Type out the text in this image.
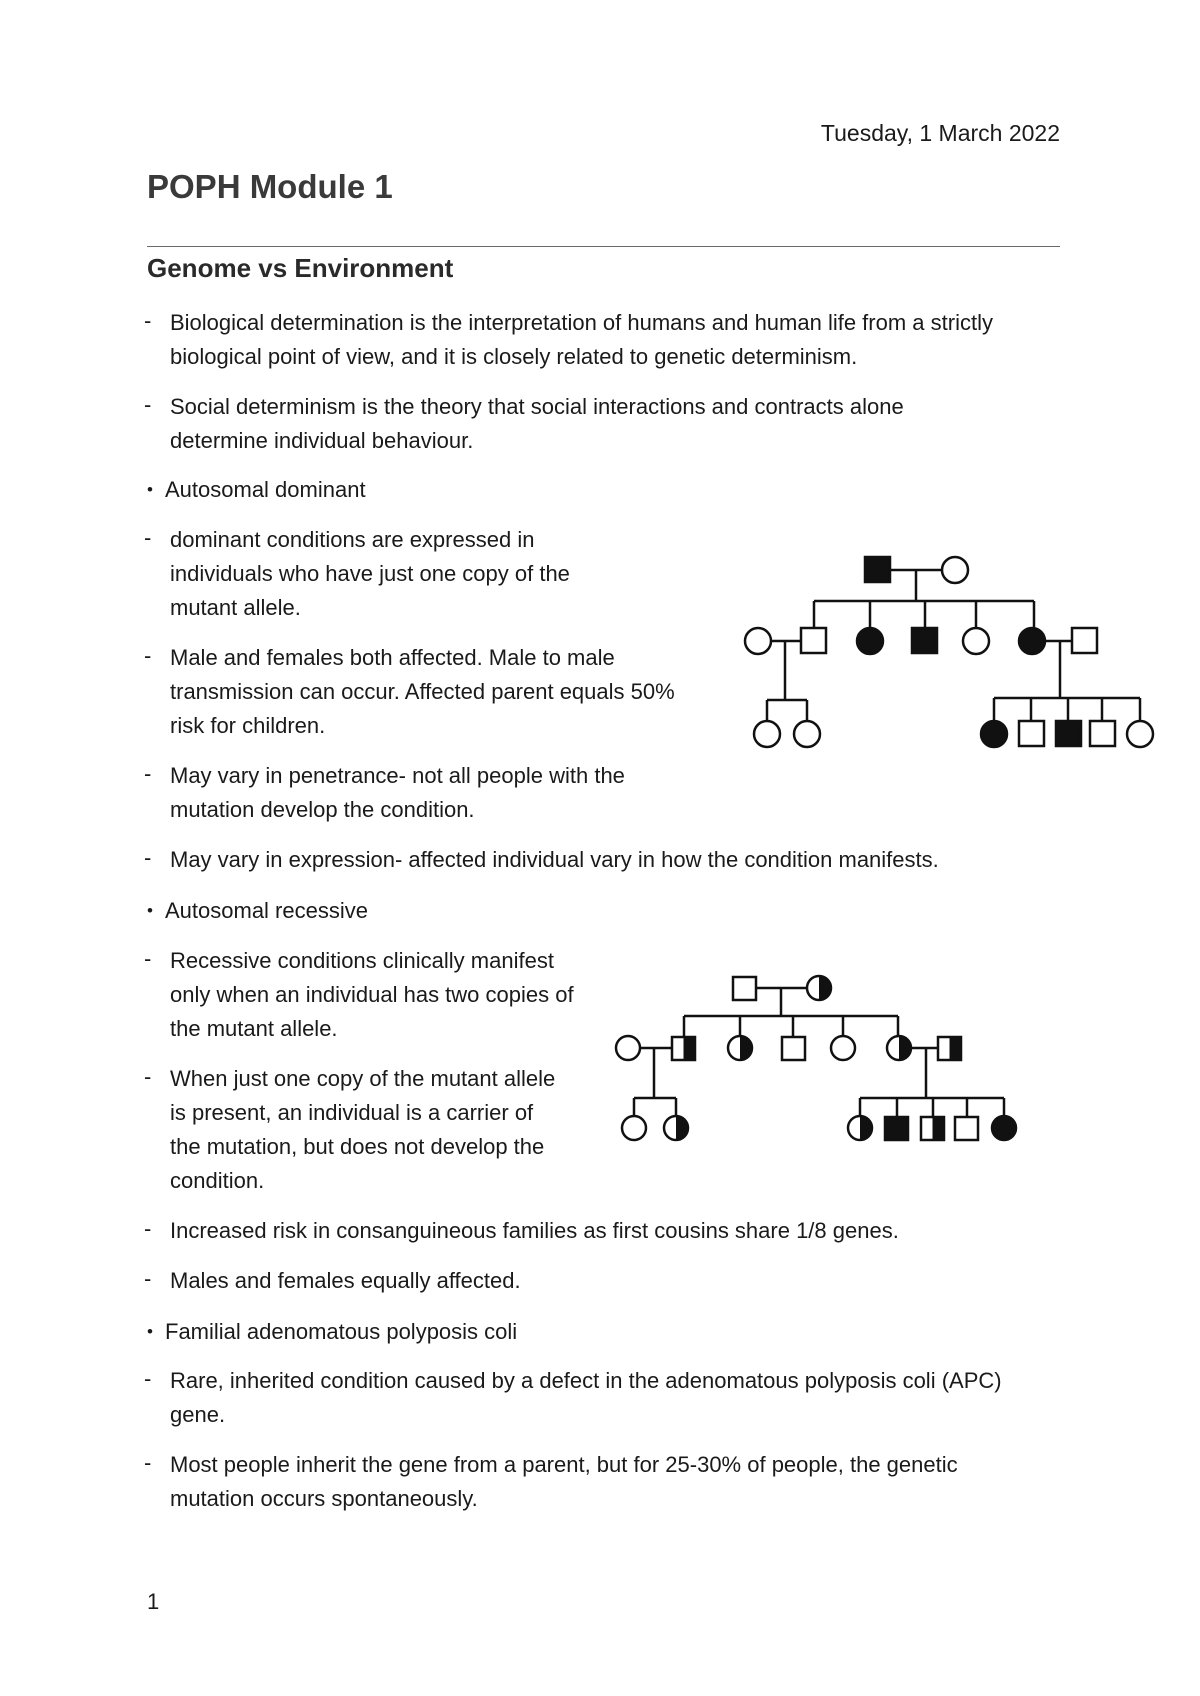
Tuesday, 1 March 2022
POPH Module 1
Genome vs Environment
- Biological determination is the interpretation of humans and human life from a strictly biological point of view, and it is closely related to genetic determinism.
- Social determinism is the theory that social interactions and contracts alone determine individual behaviour.
• Autosomal dominant
- dominant conditions are expressed in individuals who have just one copy of the mutant allele.
- Male and females both affected. Male to male transmission can occur. Affected parent equals 50% risk for children.
- May vary in penetrance- not all people with the mutation develop the condition.
- May vary in expression- affected individual vary in how the condition manifests.
• Autosomal recessive
- Recessive conditions clinically manifest only when an individual has two copies of the mutant allele.
- When just one copy of the mutant allele is present, an individual is a carrier of the mutation, but does not develop the condition.
- Increased risk in consanguineous families as first cousins share 1/8 genes.
- Males and females equally affected.
• Familial adenomatous polyposis coli
- Rare, inherited condition caused by a defect in the adenomatous polyposis coli (APC) gene.
- Most people inherit the gene from a parent, but for 25-30% of people, the genetic mutation occurs spontaneously.
1
